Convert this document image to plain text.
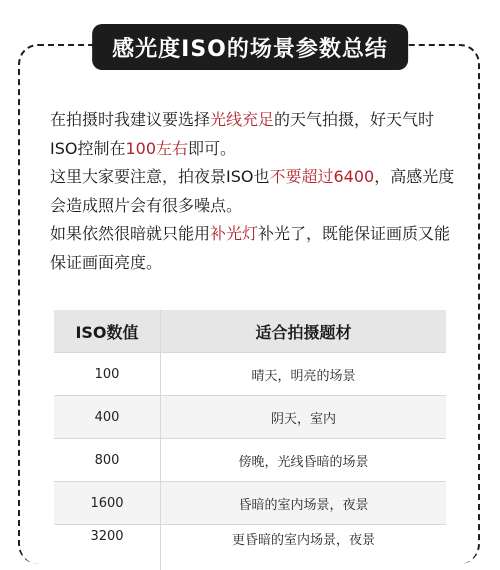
感光度ISO的场景参数总结

在拍摄时我建议要选择光线充足的天气拍摄，好天气时ISO控制在100左右即可。

这里大家要注意，拍夜景ISO也不要超过6400，高感光度会造成照片会有很多噪点。

如果依然很暗就只能用补光灯补光了，既能保证画质又能保证画面亮度。

ISO数值	适合拍摄题材
100	晴天，明亮的场景
400	阴天，室内
800	傍晚，光线昏暗的场景
1600	昏暗的室内场景，夜景
3200	更昏暗的室内场景，夜景
